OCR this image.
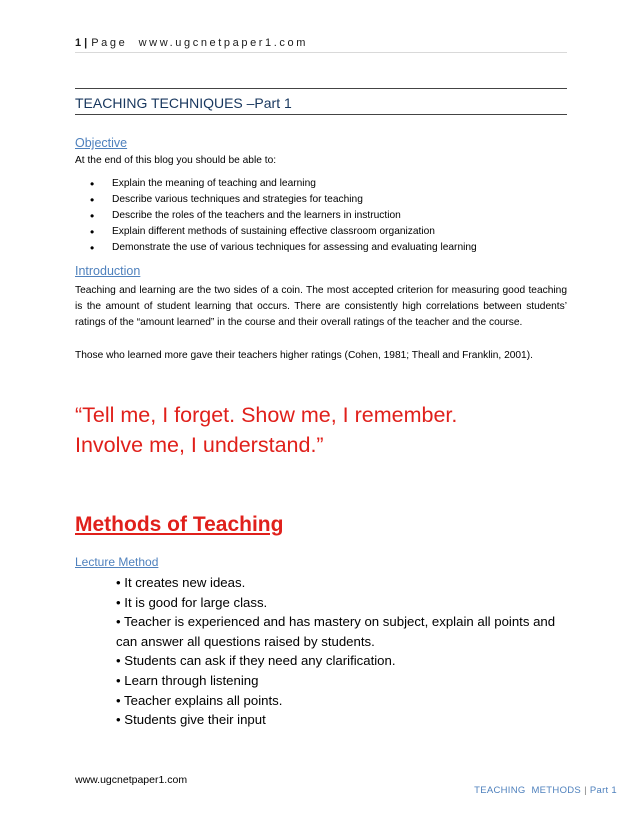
1 | Page www.ugcnetpaper1.com
TEACHING TECHNIQUES –Part 1
Objective
At the end of this blog you should be able to:
• Explain the meaning of teaching and learning
• Describe various techniques and strategies for teaching
• Describe the roles of the teachers and the learners in instruction
• Explain different methods of sustaining effective classroom organization
• Demonstrate the use of various techniques for assessing and evaluating learning
Introduction
Teaching and learning are the two sides of a coin. The most accepted criterion for measuring good teaching is the amount of student learning that occurs. There are consistently high correlations between students’ ratings of the “amount learned” in the course and their overall ratings of the teacher and the course.
Those who learned more gave their teachers higher ratings (Cohen, 1981; Theall and Franklin, 2001).
“Tell me, I forget. Show me, I remember.
Involve me, I understand.”
Methods of Teaching
Lecture Method
• It creates new ideas.
• It is good for large class.
• Teacher is experienced and has mastery on subject, explain all points and can answer all questions raised by students.
• Students can ask if they need any clarification.
• Learn through listening
• Teacher explains all points.
• Students give their input
www.ugcnetpaper1.com
TEACHING  METHODS | Part 1
